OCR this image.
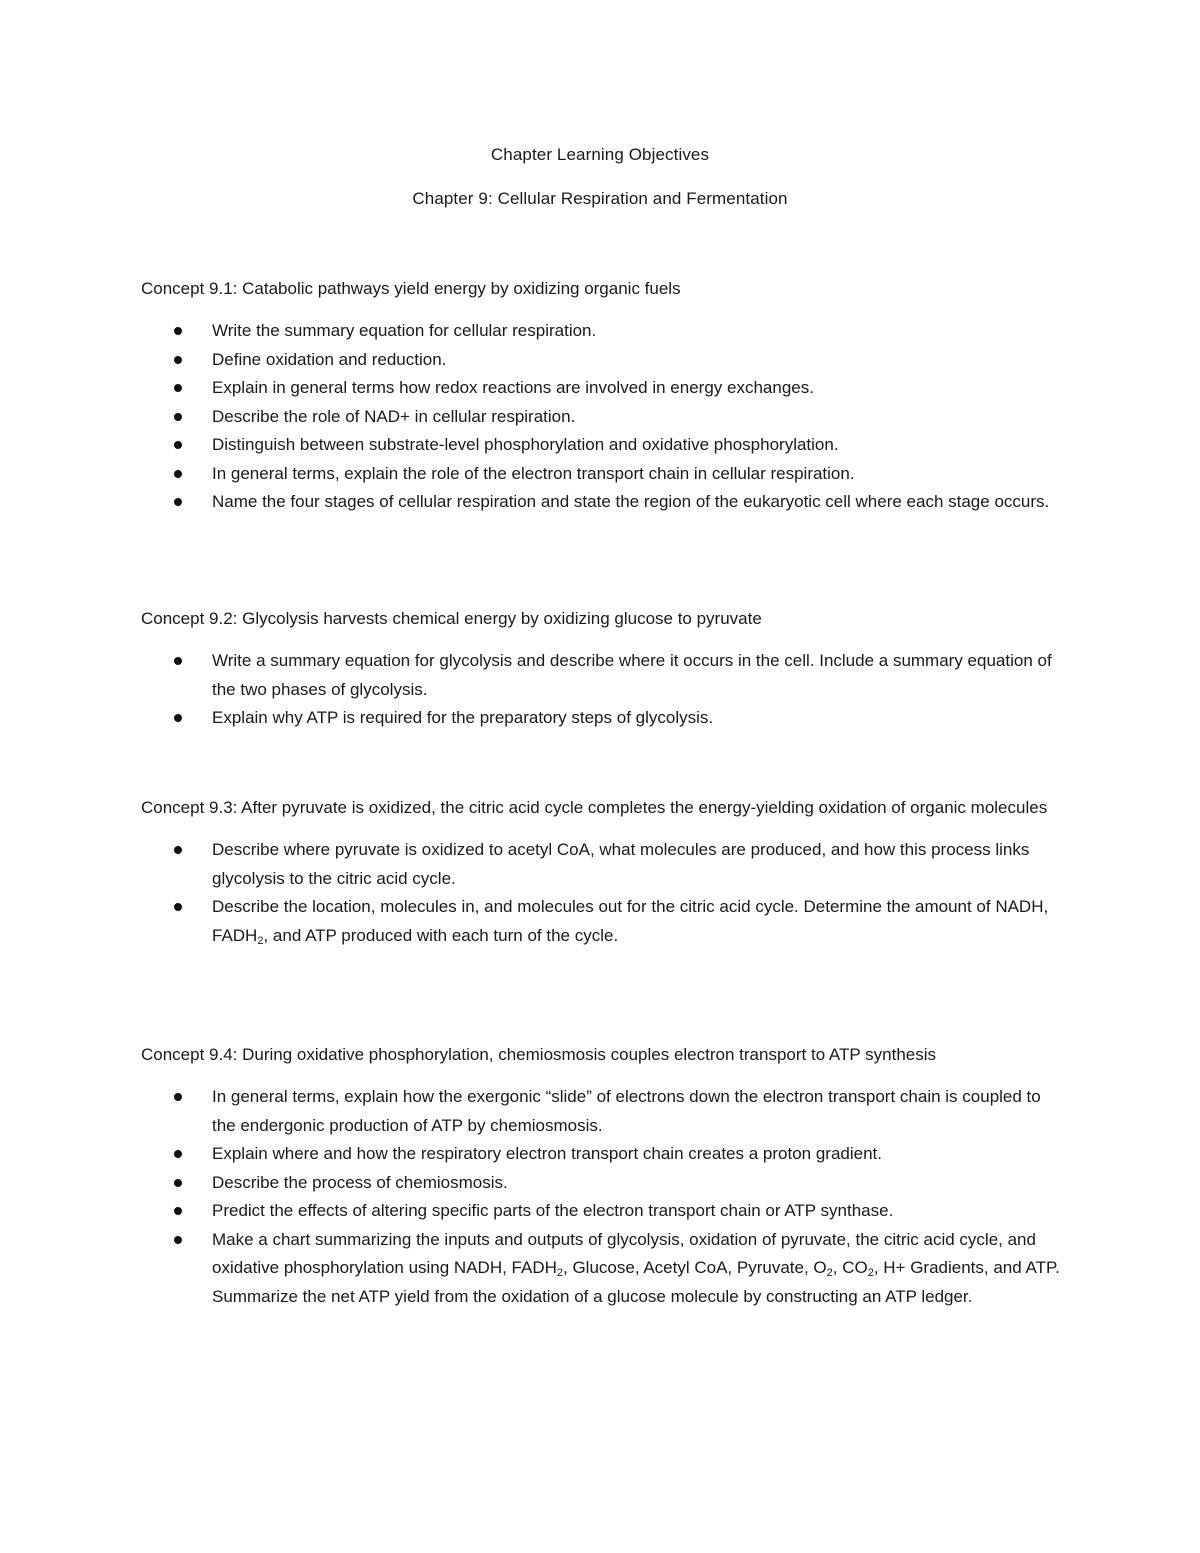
Chapter Learning Objectives
Chapter 9: Cellular Respiration and Fermentation

Concept 9.1: Catabolic pathways yield energy by oxidizing organic fuels

Write the summary equation for cellular respiration.
Define oxidation and reduction.
Explain in general terms how redox reactions are involved in energy exchanges.
Describe the role of NAD+ in cellular respiration.
Distinguish between substrate-level phosphorylation and oxidative phosphorylation.
In general terms, explain the role of the electron transport chain in cellular respiration.
Name the four stages of cellular respiration and state the region of the eukaryotic cell where each stage occurs.

Concept 9.2: Glycolysis harvests chemical energy by oxidizing glucose to pyruvate

Write a summary equation for glycolysis and describe where it occurs in the cell. Include a summary equation of the two phases of glycolysis.
Explain why ATP is required for the preparatory steps of glycolysis.

Concept 9.3: After pyruvate is oxidized, the citric acid cycle completes the energy-yielding oxidation of organic molecules

Describe where pyruvate is oxidized to acetyl CoA, what molecules are produced, and how this process links glycolysis to the citric acid cycle.
Describe the location, molecules in, and molecules out for the citric acid cycle. Determine the amount of NADH, $FADH_2$, and ATP produced with each turn of the cycle.

Concept 9.4: During oxidative phosphorylation, chemiosmosis couples electron transport to ATP synthesis

In general terms, explain how the exergonic “slide” of electrons down the electron transport chain is coupled to the endergonic production of ATP by chemiosmosis.
Explain where and how the respiratory electron transport chain creates a proton gradient.
Describe the process of chemiosmosis.
Predict the effects of altering specific parts of the electron transport chain or ATP synthase.
Make a chart summarizing the inputs and outputs of glycolysis, oxidation of pyruvate, the citric acid cycle, and oxidative phosphorylation using NADH, $FADH_2$, Glucose, Acetyl CoA, Pyruvate, $O_2$, $CO_2$, H+ Gradients, and ATP. Summarize the net ATP yield from the oxidation of a glucose molecule by constructing an ATP ledger.
